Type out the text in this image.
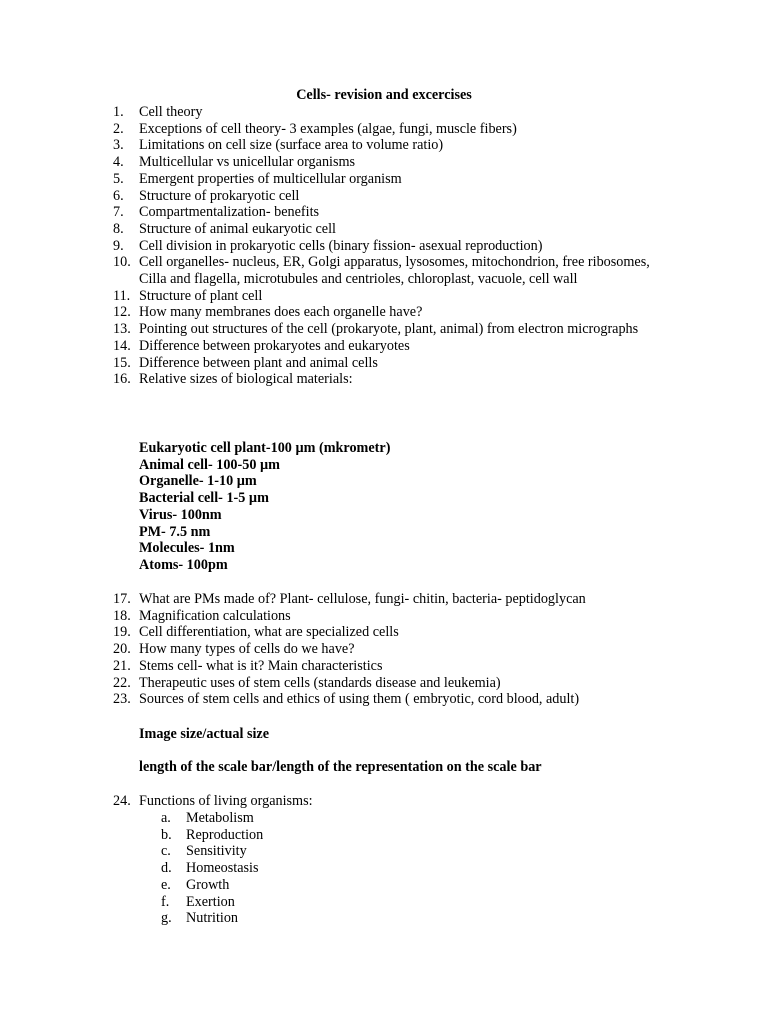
Cells- revision and excercises
1.	Cell theory
2.	Exceptions of cell theory- 3 examples (algae, fungi, muscle fibers)
3.	Limitations on cell size (surface area to volume ratio)
4.	Multicellular vs unicellular organisms
5.	Emergent properties of multicellular organism
6.	Structure of prokaryotic cell
7.	Compartmentalization- benefits
8.	Structure of animal eukaryotic cell
9.	Cell division in prokaryotic cells (binary fission- asexual reproduction)
10. Cell organelles- nucleus, ER, Golgi apparatus, lysosomes, mitochondrion, free ribosomes, Cilla and flagella, microtubules and centrioles, chloroplast, vacuole, cell wall
11. Structure of plant cell
12. How many membranes does each organelle have?
13. Pointing out structures of the cell (prokaryote, plant, animal) from electron micrographs
14. Difference between prokaryotes and eukaryotes
15. Difference between plant and animal cells
16. Relative sizes of biological materials:
Eukaryotic cell plant-100 µm (mkrometr)
Animal cell- 100-50 µm
Organelle- 1-10 µm
Bacterial cell- 1-5 µm
Virus- 100nm
PM- 7.5 nm
Molecules- 1nm
Atoms- 100pm
17. What are PMs made of? Plant- cellulose, fungi- chitin, bacteria- peptidoglycan
18. Magnification calculations
19. Cell differentiation, what are specialized cells
20. How many types of cells do we have?
21. Stems cell- what is it? Main characteristics
22. Therapeutic uses of stem cells (standards disease and leukemia)
23. Sources of stem cells and ethics of using them ( embryotic, cord blood, adult)

Image size/actual size

length of the scale bar/length of the representation on the scale bar

24. Functions of living organisms:
a.	Metabolism
b.	Reproduction
c.	Sensitivity
d.	Homeostasis
e.	Growth
f.	Exertion
g.	Nutrition
